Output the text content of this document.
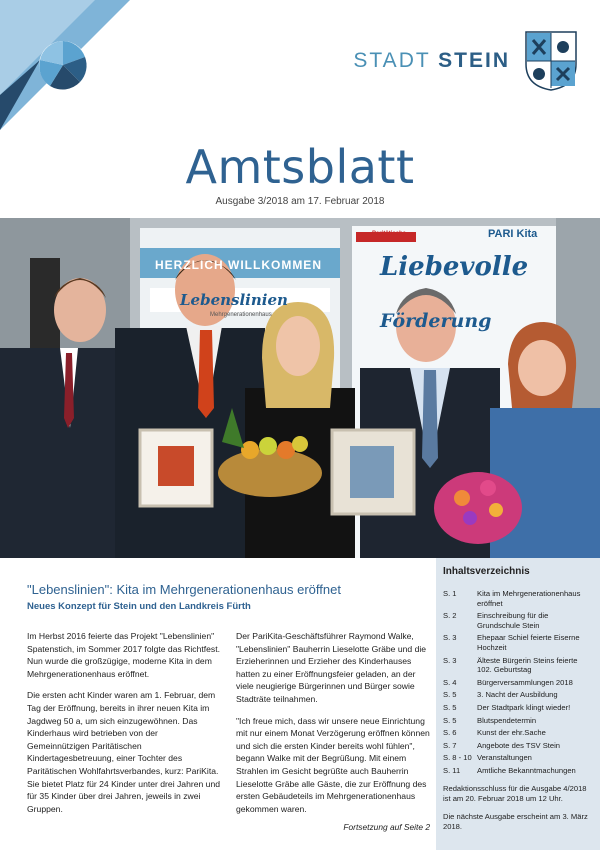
STADT STEIN
Amtsblatt
Ausgabe 3/2018 am 17. Februar 2018
HERZLICH WILLKOMMEN
Lebenslinien
Mehrgenerationenhaus
Paritätische	PARI Kita
Liebevolle
Förderung
"Lebenslinien": Kita im Mehrgenerationenhaus eröffnet
Neues Konzept für Stein und den Landkreis Fürth

Im Herbst 2016 feierte das Projekt "Lebenslinien" Spatenstich, im Sommer 2017 folgte das Richtfest. Nun wurde die großzügige, moderne Kita in dem Mehrgenerationenhaus eröffnet.

Die ersten acht Kinder waren am 1. Februar, dem Tag der Eröffnung, bereits in ihrer neuen Kita im Jagdweg 50 a, um sich einzugewöhnen. Das Kinderhaus wird betrieben von der Gemeinnützigen Paritätischen Kindertagesbetreuung, einer Tochter des Paritätischen Wohlfahrtsverbandes, kurz: PariKita. Sie bietet Platz für 24 Kinder unter drei Jahren und für 35 Kinder über drei Jahren, jeweils in zwei Gruppen.

Der PariKita-Geschäftsführer Raymond Walke, "Lebenslinien" Bauherrin Lieselotte Gräbe und die Erzieherinnen und Erzieher des Kinderhauses hatten zu einer Eröffnungsfeier geladen, an der viele neugierige Bürgerinnen und Bürger sowie Stadträte teilnahmen.

"Ich freue mich, dass wir unsere neue Einrichtung mit nur einem Monat Verzögerung eröffnen können und sich die ersten Kinder bereits wohl fühlen", begann Walke mit der Begrüßung. Mit einem Strahlen im Gesicht begrüßte auch Bauherrin Lieselotte Gräbe alle Gäste, die zur Eröffnung des ersten Gebäudeteils im Mehrgenerationenhaus gekommen waren.

Fortsetzung auf Seite 2
Inhaltsverzeichnis
S. 1	Kita im Mehrgenerationenhaus eröffnet
S. 2	Einschreibung für die Grundschule Stein
S. 3	Ehepaar Schiel feierte Eiserne Hochzeit
S. 3	Älteste Bürgerin Steins feierte 102. Geburtstag
S. 4	Bürgerversammlungen 2018
S. 5	3. Nacht der Ausbildung
S. 5	Der Stadtpark klingt wieder!
S. 5	Blutspendetermin
S. 6	Kunst der ehr.Sache
S. 7	Angebote des TSV Stein
S. 8 - 10 Veranstaltungen
S. 11	Amtliche Bekanntmachungen
Redaktionsschluss für die Ausgabe 4/2018 ist am 20. Februar 2018 um 12 Uhr.
Die nächste Ausgabe erscheint am 3. März 2018.
